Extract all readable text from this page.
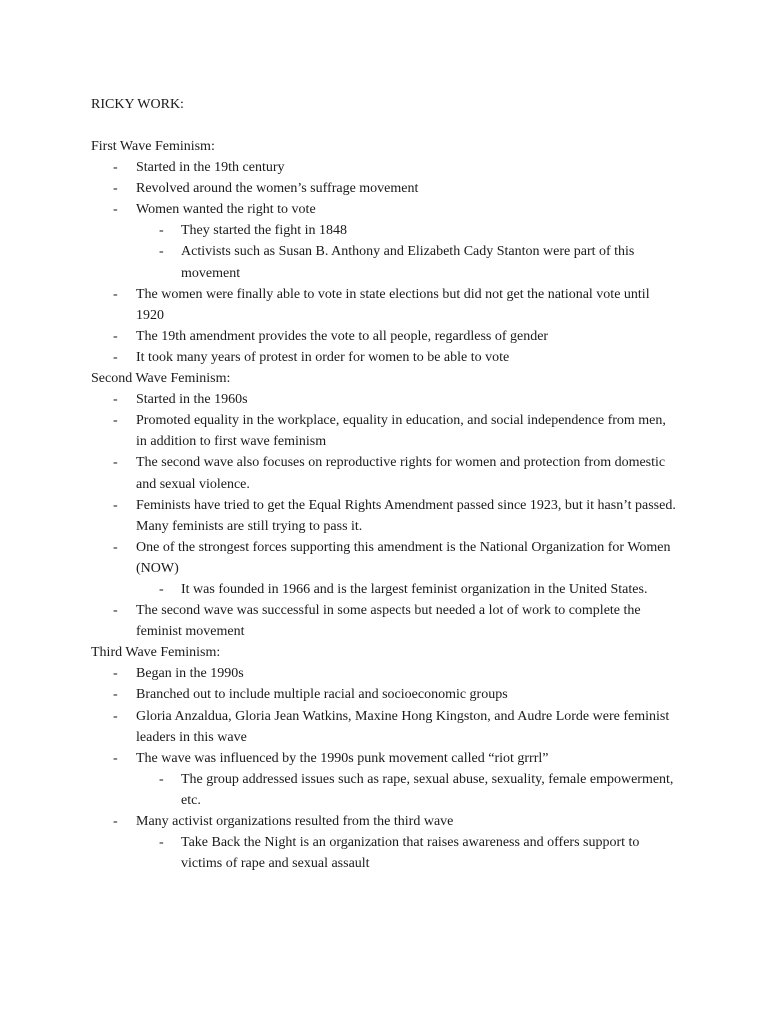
RICKY WORK:
First Wave Feminism:
-	Started in the 19th century
-	Revolved around the women’s suffrage movement
-	Women wanted the right to vote
-	They started the fight in 1848
-	Activists such as Susan B. Anthony and Elizabeth Cady Stanton were part of this movement
-	The women were finally able to vote in state elections but did not get the national vote until 1920
-	The 19th amendment provides the vote to all people, regardless of gender
-	It took many years of protest in order for women to be able to vote
Second Wave Feminism:
-	Started in the 1960s
-	Promoted equality in the workplace, equality in education, and social independence from men, in addition to first wave feminism
-	The second wave also focuses on reproductive rights for women and protection from domestic and sexual violence.
-	Feminists have tried to get the Equal Rights Amendment passed since 1923, but it hasn’t passed. Many feminists are still trying to pass it.
-	One of the strongest forces supporting this amendment is the National Organization for Women (NOW)
-	It was founded in 1966 and is the largest feminist organization in the United States.
-	The second wave was successful in some aspects but needed a lot of work to complete the feminist movement
Third Wave Feminism:
-	Began in the 1990s
-	Branched out to include multiple racial and socioeconomic groups
-	Gloria Anzaldua, Gloria Jean Watkins, Maxine Hong Kingston, and Audre Lorde were feminist leaders in this wave
-	The wave was influenced by the 1990s punk movement called “riot grrrl”
-	The group addressed issues such as rape, sexual abuse, sexuality, female empowerment, etc.
-	Many activist organizations resulted from the third wave
-	Take Back the Night is an organization that raises awareness and offers support to victims of rape and sexual assault
